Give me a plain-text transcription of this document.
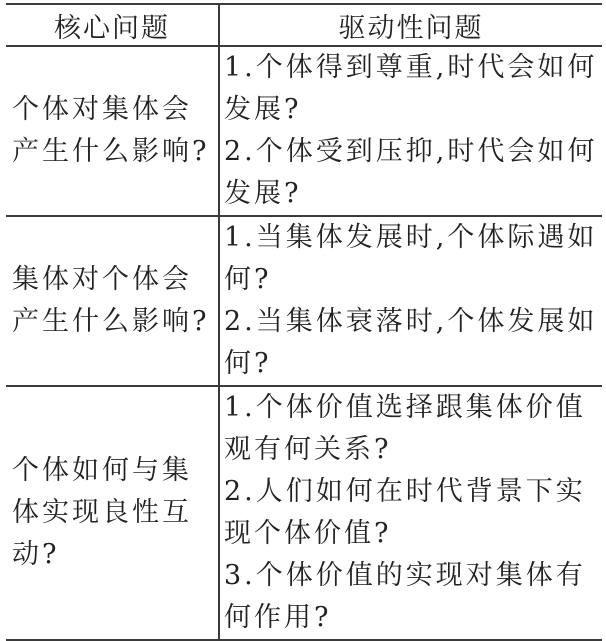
核心问题	驱动性问题
个体对集体会产生什么影响?	1.个体得到尊重,时代会如何发展?
2.个体受到压抑,时代会如何发展?

集体对个体会产生什么影响?	1.当集体发展时,个体际遇如何?
2.当集体衰落时,个体发展如何?

个体如何与集体实现良性互动?	1.个体价值选择跟集体价值观有何关系?
2.人们如何在时代背景下实现个体价值?
3.个体价值的实现对集体有何作用?
